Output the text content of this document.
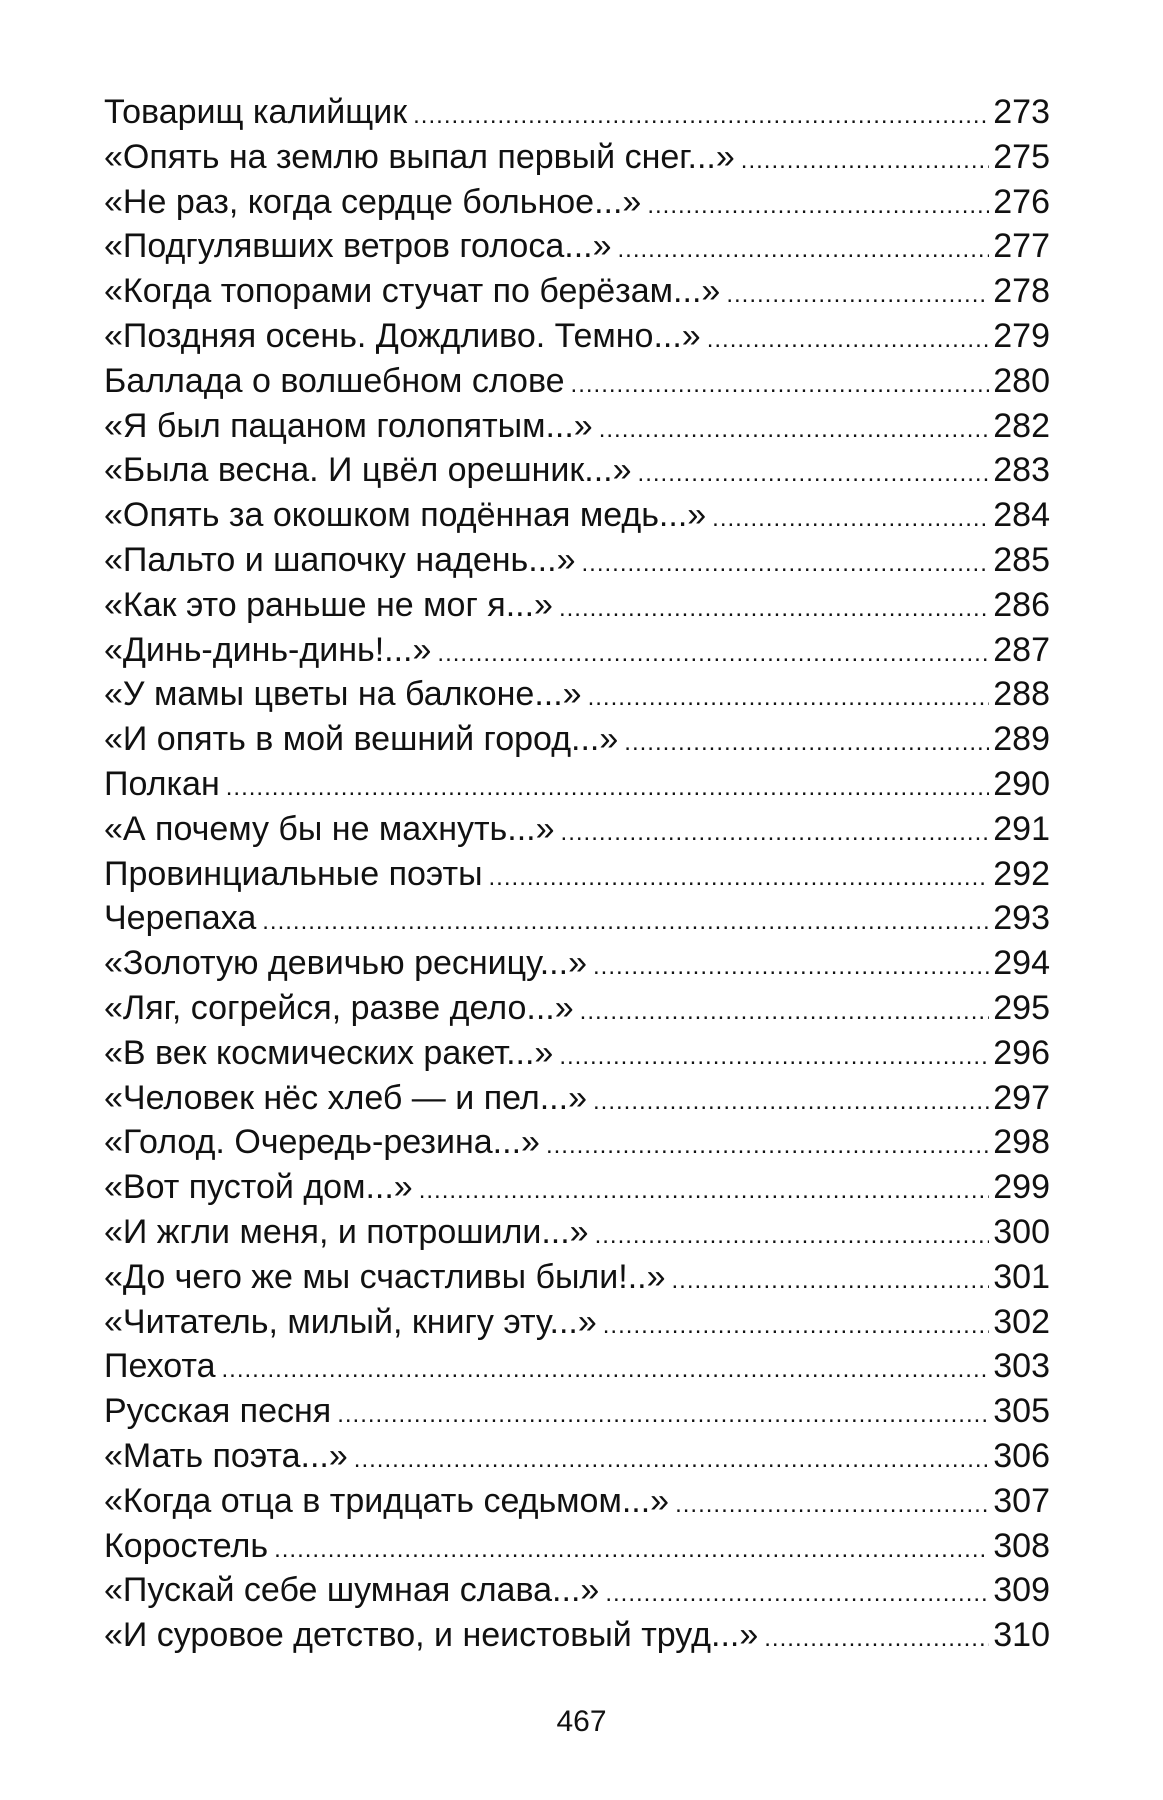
Товарищ калийщик .....	273
«Опять на землю выпал первый снег...» .....	275
«Не раз, когда сердце больное...» .....	276
«Подгулявших ветров голоса...» .....	277
«Когда топорами стучат по берёзам...» .....	278
«Поздняя осень. Дождливо. Темно...» .....	279
Баллада о волшебном слове .....	280
«Я был пацаном голопятым...» .....	282
«Была весна. И цвёл орешник...» .....	283
«Опять за окошком подённая медь...» .....	284
«Пальто и шапочку надень...» .....	285
«Как это раньше не мог я...» .....	286
«Динь-динь-динь!...» .....	287
«У мамы цветы на балконе...» .....	288
«И опять в мой вешний город...» .....	289
Полкан .....	290
«А почему бы не махнуть...» .....	291
Провинциальные поэты .....	292
Черепаха .....	293
«Золотую девичью ресницу...» .....	294
«Ляг, согрейся, разве дело...» .....	295
«В век космических ракет...» .....	296
«Человек нёс хлеб — и пел...» .....	297
«Голод. Очередь-резина...» .....	298
«Вот пустой дом...» .....	299
«И жгли меня, и потрошили...» .....	300
«До чего же мы счастливы были!..» .....	301
«Читатель, милый, книгу эту...» .....	302
Пехота .....	303
Русская песня .....	305
«Мать поэта...» .....	306
«Когда отца в тридцать седьмом...» .....	307
Коростель .....	308
«Пускай себе шумная слава...» .....	309
«И суровое детство, и неистовый труд...» .....	310
467
